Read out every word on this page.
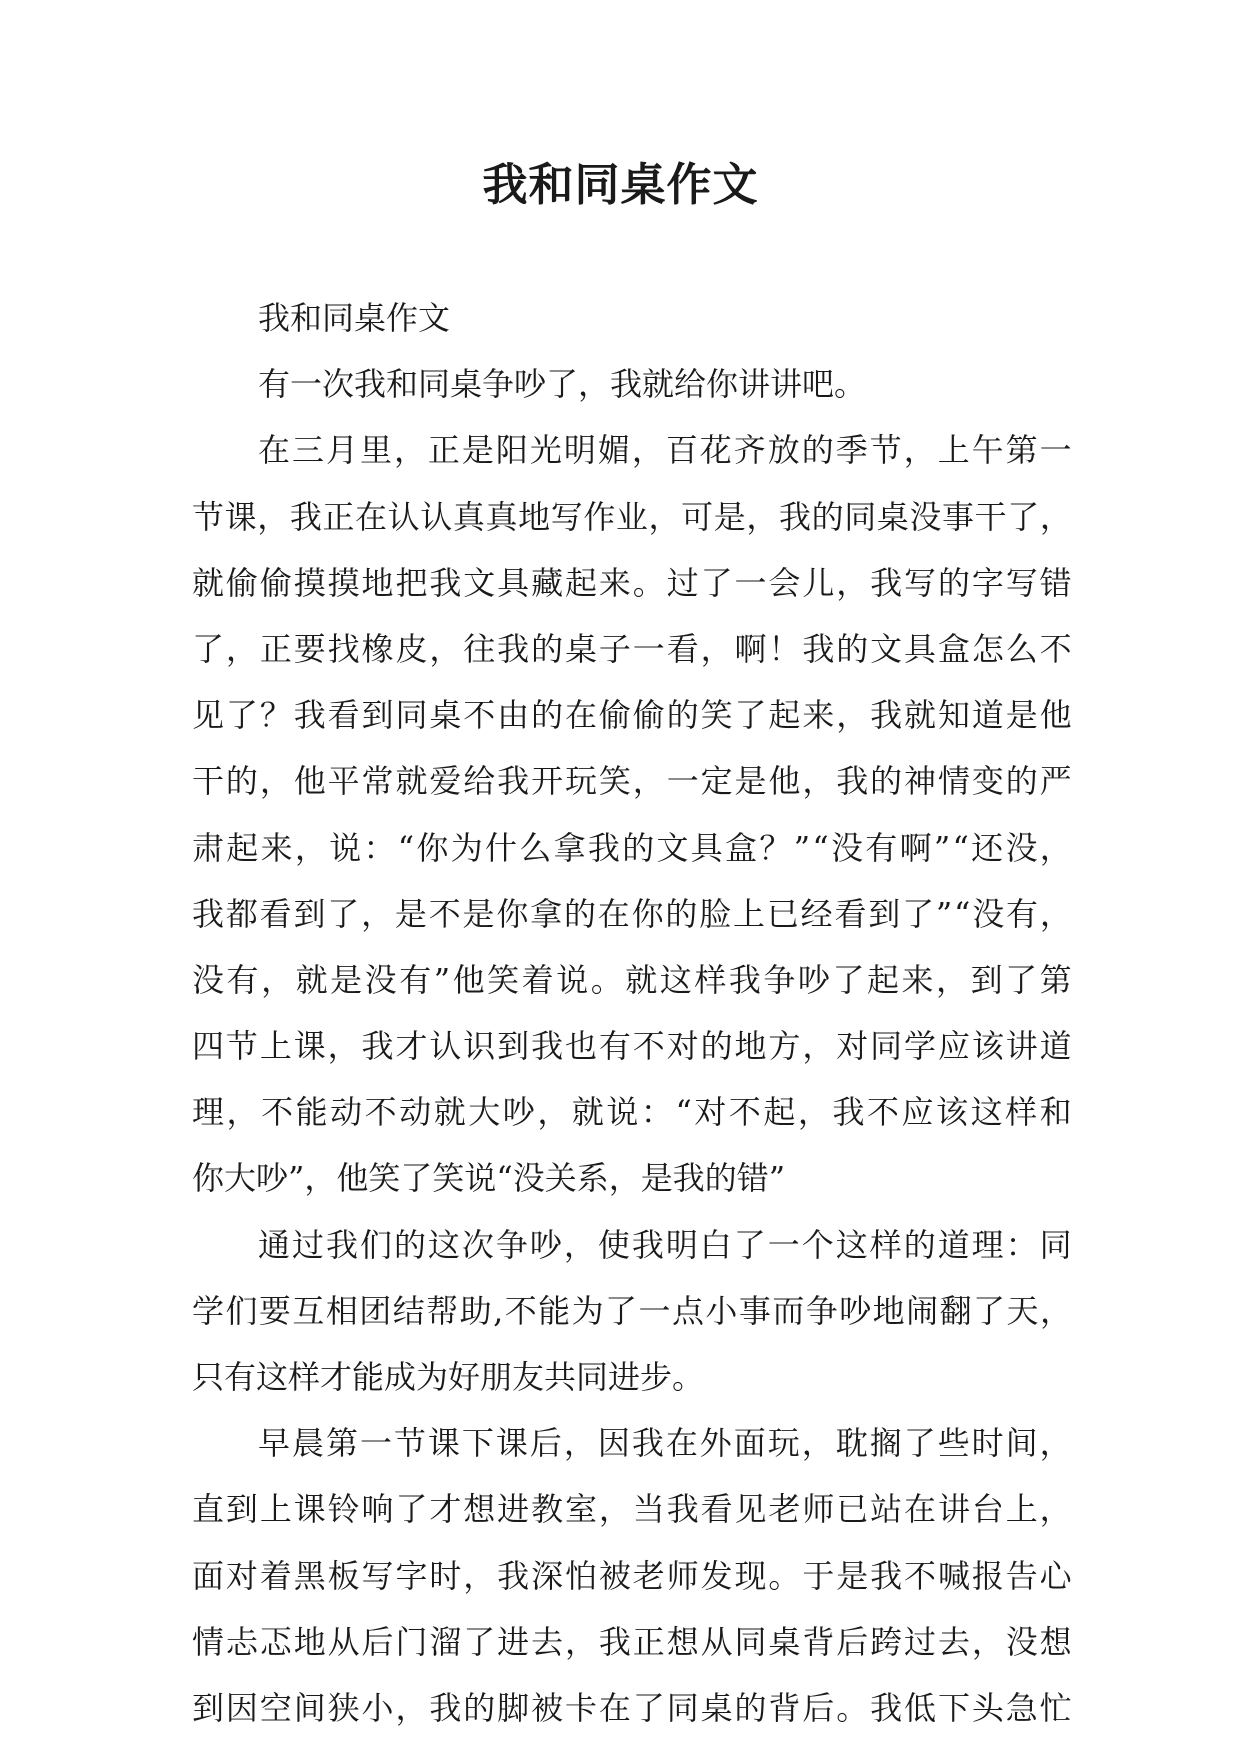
我和同桌作文
我和同桌作文
有一次我和同桌争吵了，我就给你讲讲吧。
在 三 月 里 ， 正 是 阳 光 明 媚 ， 百 花 齐 放 的 季 节 ， 上 午 第 一
节 课 ， 我 正 在 认 认 真 真 地 写 作 业 ， 可 是 ， 我 的 同 桌 没 事 干 了 ，
就 偷 偷 摸 摸 地 把 我 文 具 藏 起 来 。 过 了 一 会 儿 ， 我 写 的 字 写 错
了 ， 正 要 找 橡 皮 ， 往 我 的 桌 子 一 看 ， 啊 ！ 我 的 文 具 盒 怎 么 不
见 了 ？ 我 看 到 同 桌 不 由 的 在 偷 偷 的 笑 了 起 来 ， 我 就 知 道 是 他
干 的 ， 他 平 常 就 爱 给 我 开 玩 笑 ， 一 定 是 他 ， 我 的 神 情 变 的 严
肃 起 来 ， 说 ： “ 你 为 什 么 拿 我 的 文 具 盒 ？ ” “ 没 有 啊 ” “ 还 没 ，
我 都 看 到 了 ， 是 不 是 你 拿 的 在 你 的 脸 上 已 经 看 到 了 ” “ 没 有 ，
没 有 ， 就 是 没 有 ” 他 笑 着 说 。 就 这 样 我 争 吵 了 起 来 ， 到 了 第
四 节 上 课 ， 我 才 认 识 到 我 也 有 不 对 的 地 方 ， 对 同 学 应 该 讲 道
理 ， 不 能 动 不 动 就 大 吵 ， 就 说 ： “ 对 不 起 ， 我 不 应 该 这 样 和
你大吵”，他笑了笑说“没关系，是我的错”
通 过 我 们 的 这 次 争 吵 ， 使 我 明 白 了 一 个 这 样 的 道 理 ： 同
学 们 要 互 相 团 结 帮 助 , 不 能 为 了 一 点 小 事 而 争 吵 地 闹 翻 了 天 ，
只有这样才能成为好朋友共同进步。
早 晨 第 一 节 课 下 课 后 ， 因 我 在 外 面 玩 ， 耽 搁 了 些 时 间 ，
直 到 上 课 铃 响 了 才 想 进 教 室 ， 当 我 看 见 老 师 已 站 在 讲 台 上 ，
面 对 着 黑 板 写 字 时 ， 我 深 怕 被 老 师 发 现 。 于 是 我 不 喊 报 告 心
情 忐 忑 地 从 后 门 溜 了 进 去 ， 我 正 想 从 同 桌 背 后 跨 过 去 ， 没 想
到 因 空 间 狭 小 ， 我 的 脚 被 卡 在 了 同 桌 的 背 后 。 我 低 下 头 急 忙
